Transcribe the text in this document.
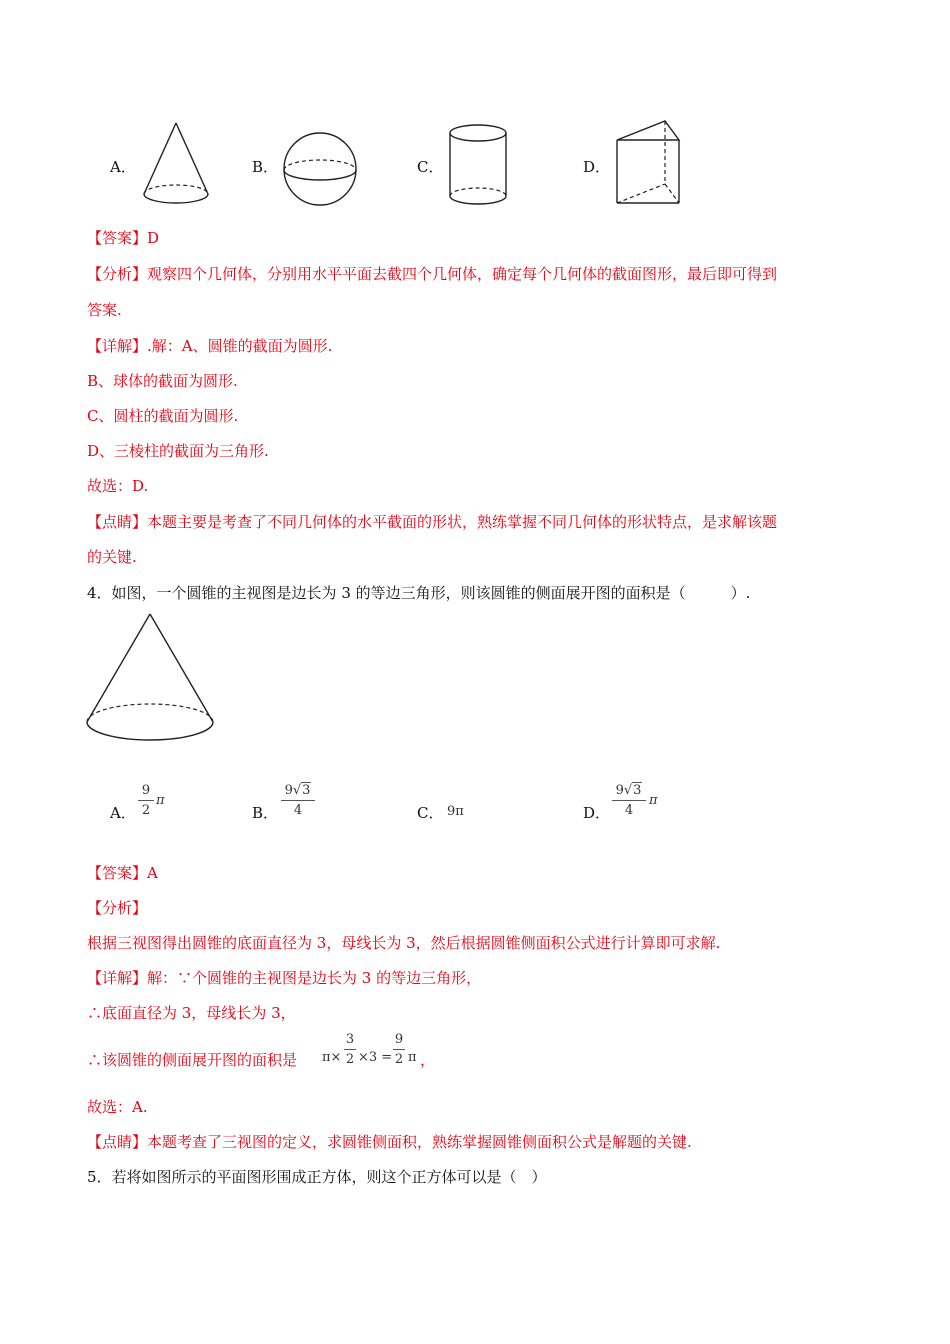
A．	B．	C．	D．
【答案】D
【分析】观察四个几何体，分别用水平平面去截四个几何体，确定每个几何体的截面图形，最后即可得到
答案.
【详解】.解：A、圆锥的截面为圆形.
B、球体的截面为圆形.
C、圆柱的截面为圆形.
D、三棱柱的截面为三角形.
故选：D.
【点睛】本题主要是考查了不同几何体的水平截面的形状，熟练掌握不同几何体的形状特点，是求解该题
的关键.
4．如图，一个圆锥的主视图是边长为 3 的等边三角形，则该圆锥的侧面展开图的面积是（　　　）.
A．
9
2
π
B．
9√3
4	C． 9π	D．
9√3
4
π
【答案】A
【分析】
根据三视图得出圆锥的底面直径为 3，母线长为 3，然后根据圆锥侧面积公式进行计算即可求解.
【详解】解：∵个圆锥的主视图是边长为 3 的等边三角形，
∴底面直径为 3，母线长为 3，
∴该圆锥的侧面展开图的面积是 π×
3
2 ×3 =
9
2 π ，
故选：A.
【点睛】本题考查了三视图的定义，求圆锥侧面积，熟练掌握圆锥侧面积公式是解题的关键.
5．若将如图所示的平面图形围成正方体，则这个正方体可以是（　）
